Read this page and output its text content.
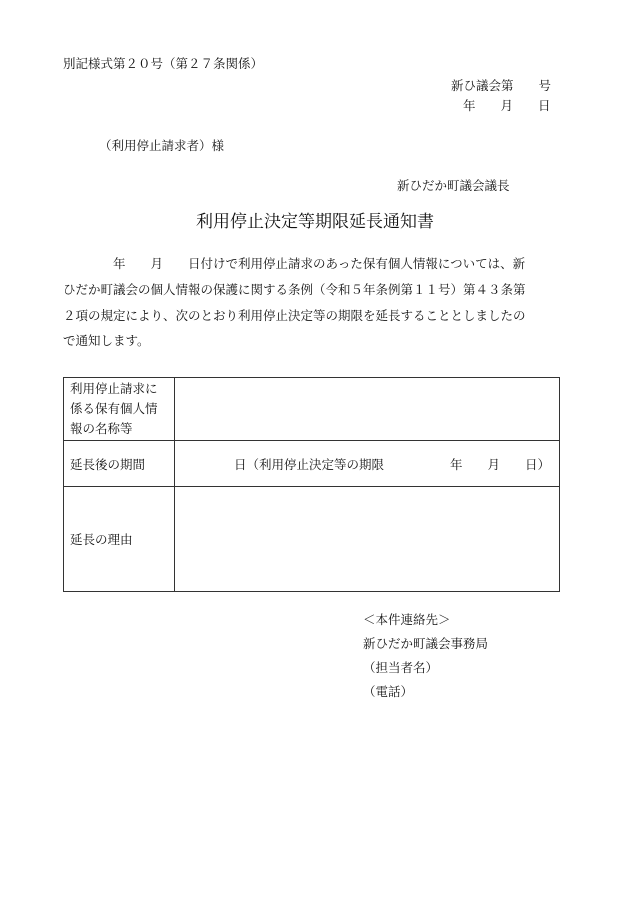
別記様式第２０号（第２７条関係）
新ひ議会第　　号
年　　月　　日
（利用停止請求者）様
新ひだか町議会議長
利用停止決定等期限延長通知書
　　　　年　　月　　日付けで利用停止請求のあった保有個人情報については、新
ひだか町議会の個人情報の保護に関する条例（令和５年条例第１１号）第４３条第
２項の規定により、次のとおり利用停止決定等の期限を延長することとしましたの
で通知します。
利用停止請求に
係る保有個人情
報の名称等	

延長後の期間	日（利用停止決定等の期限 年　　月　　日）

延長の理由	
＜本件連絡先＞
新ひだか町議会事務局
（担当者名）
（電話）
